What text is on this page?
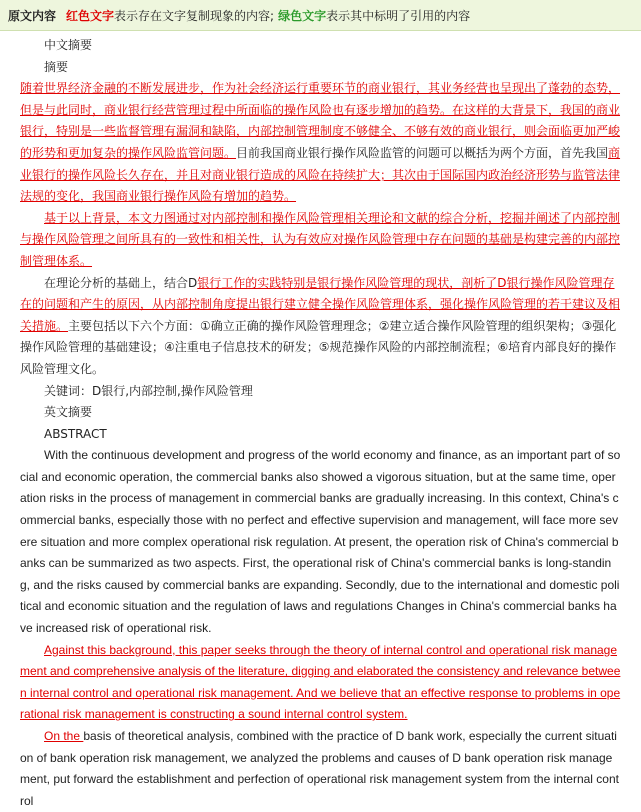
原文内容 红色文字 表示存在文字复制现象的内容; 绿色文字 表示其中标明了引用的内容

中文摘要

摘要

随着世界经济金融的不断发展进步，作为社会经济运行重要环节的商业银行，其业务经营也呈现出了蓬勃的态势，但是与此同时，商业银行经营管理过程中所面临的操作风险也有逐步增加的趋势。在这样的大背景下，我国的商业银行，特别是一些监督管理有漏洞和缺陷，内部控制管理制度不够健全、不够有效的商业银行，则会面临更加严峻的形势和更加复杂的操作风险监管问题。目前我国商业银行操作风险监管的问题可以概括为两个方面，首先我国商业银行的操作风险长久存在，并且对商业银行造成的风险在持续扩大；其次由于国际国内政治经济形势与监管法律法规的变化，我国商业银行操作风险有增加的趋势。

基于以上背景，本文力图通过对内部控制和操作风险管理相关理论和文献的综合分析，挖掘并阐述了内部控制与操作风险管理之间所具有的一致性和相关性，认为有效应对操作风险管理中存在问题的基础是构建完善的内部控制管理体系。

在理论分析的基础上，结合D银行工作的实践特别是银行操作风险管理的现状，剖析了D银行操作风险管理存在的问题和产生的原因，从内部控制角度提出银行建立健全操作风险管理体系，强化操作风险管理的若干建议及相关措施。主要包括以下六个方面：①确立正确的操作风险管理理念；②建立适合操作风险管理的组织架构；③强化操作风险管理的基础建设；④注重电子信息技术的研发；⑤规范操作风险的内部控制流程；⑥培育内部良好的操作风险管理文化。

关键词：D银行,内部控制,操作风险管理

英文摘要

ABSTRACT

With the continuous development and progress of the world economy and finance, as an important part of social and economic operation, the commercial banks also showed a vigorous situation, but at the same time, operation risks in the process of management in commercial banks are gradually increasing. In this context, China's commercial banks, especially those with no perfect and effective supervision and management, will face more severe situation and more complex operational risk regulation. At present, the operation risk of China's commercial banks can be summarized as two aspects. First, the operational risk of China's commercial banks is long-standing, and the risks caused by commercial banks are expanding. Secondly, due to the international and domestic political and economic situation and the regulation of laws and regulations Changes in China's commercial banks have increased risk of operational risk.

Against this background, this paper seeks through the theory of internal control and operational risk management and comprehensive analysis of the literature, digging and elaborated the consistency and relevance between internal control and operational risk management. And we believe that an effective response to problems in operational risk management is constructing a sound internal control system.

On the basis of theoretical analysis, combined with the practice of D bank work, especially the current situation of bank operation risk management, we analyzed the problems and causes of D bank operation risk management, put forward the establishment and perfection of operational risk management system from the internal control
